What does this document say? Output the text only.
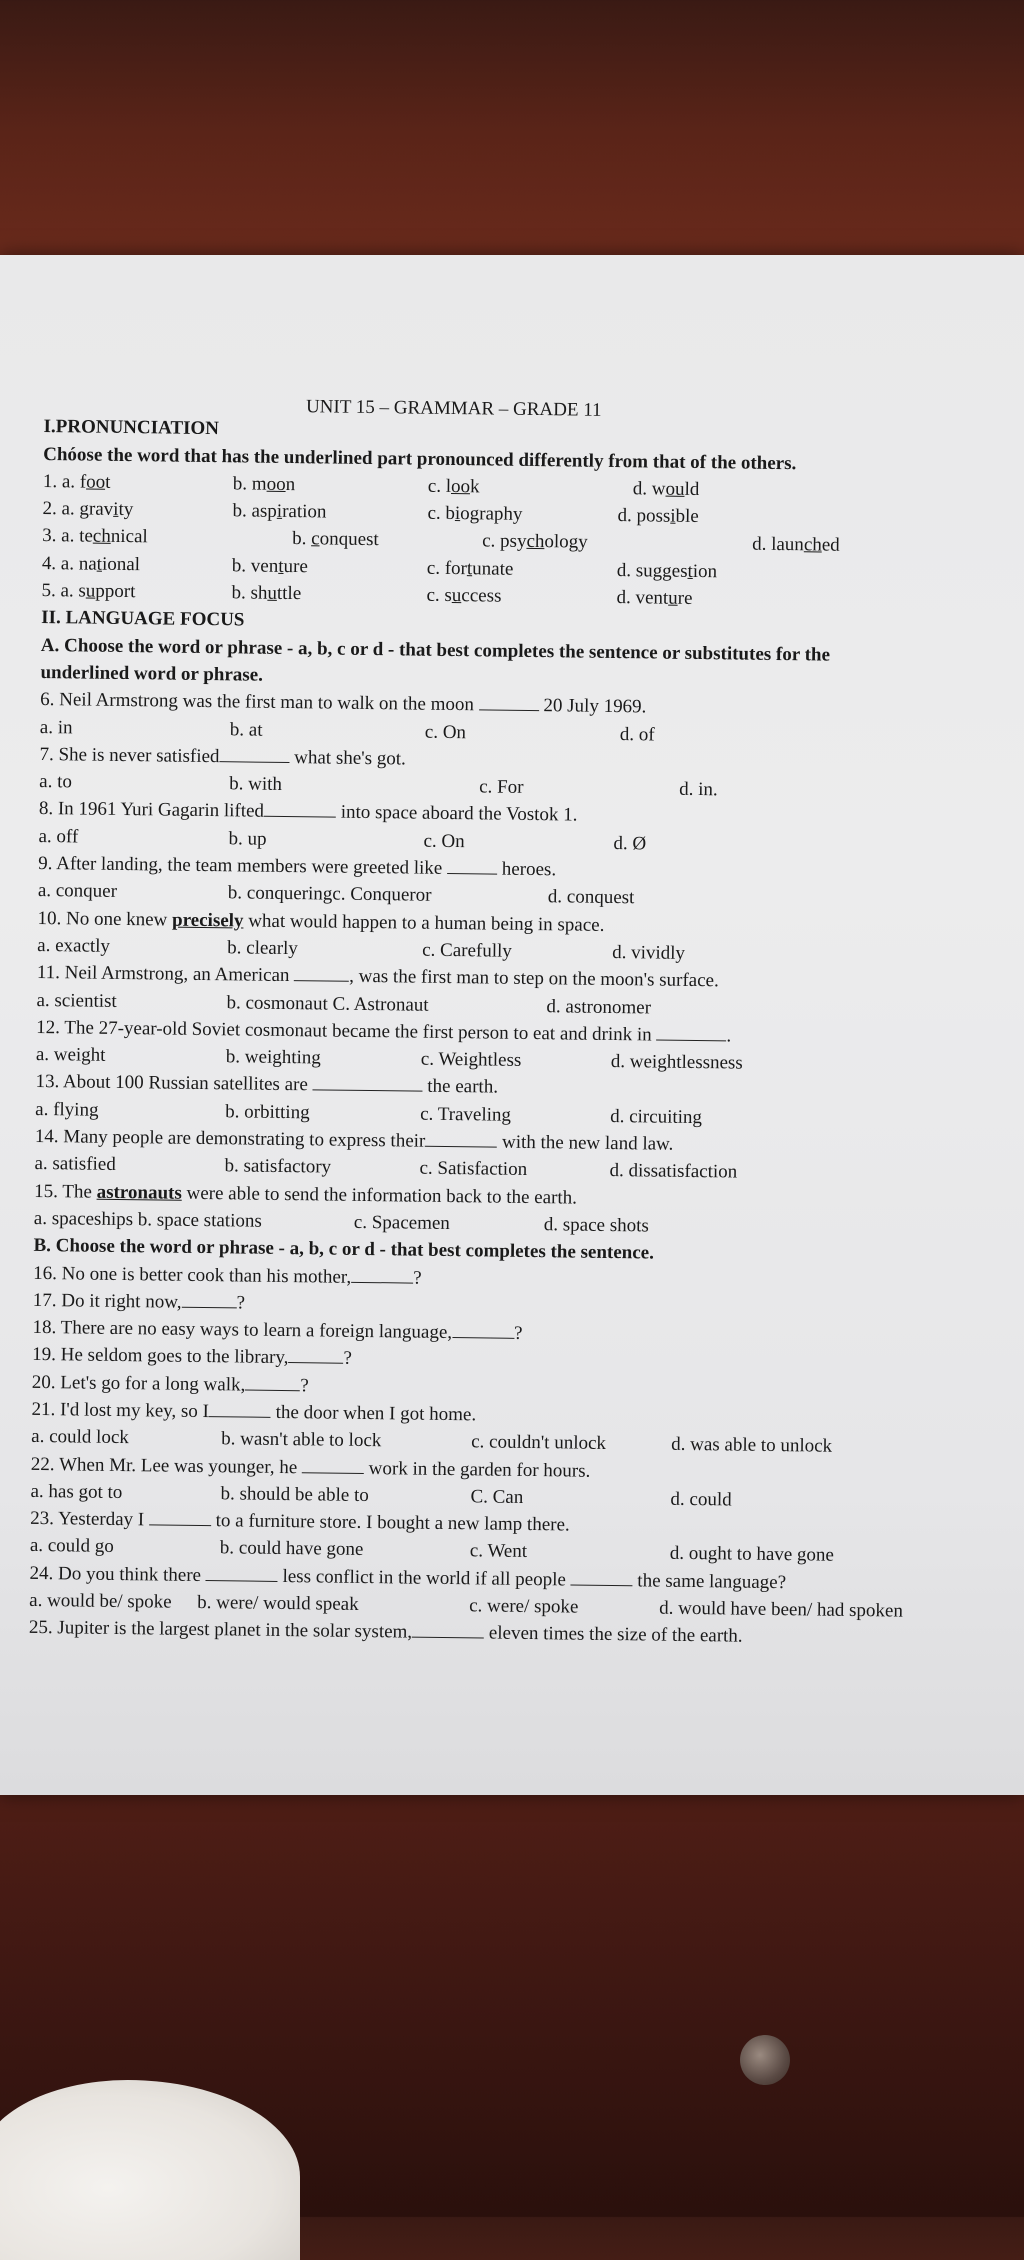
UNIT 15 – GRAMMAR – GRADE 11
I.PRONUNCIATION
Chóose the word that has the underlined part pronounced differently from that of the others.
1. a. foot	b. moon	c. look	d. would
2. a. gravity	b. aspiration	c. biography	d. possible
3. a. technical	b. conquest	c. psychology	d. launched
4. a. national	b. venture	c. fortunate	d. suggestion
5. a. support	b. shuttle	c. success	d. venture
II. LANGUAGE FOCUS
A. Choose the word or phrase - a, b, c or d - that best completes the sentence or substitutes for the
underlined word or phrase.
6. Neil Armstrong was the first man to walk on the moon	20 July 1969.
a. in	b. at	c. On	d. of
7. She is never satisfied	what she's got.
a. to	b. with	c. For	d. in.
8. In 1961 Yuri Gagarin lifted	into space aboard the Vostok 1.
a. off	b. up	c. On	d. Ø
9. After landing, the team members were greeted like	heroes.
a. conquer	b. conqueringc. Conqueror	d. conquest
10. No one knew precisely what would happen to a human being in space.
a. exactly	b. clearly	c. Carefully	d. vividly
11. Neil Armstrong, an American	, was the first man to step on the moon's surface.
a. scientist	b. cosmonaut C. Astronaut	d. astronomer
12. The 27-year-old Soviet cosmonaut became the first person to eat and drink in	.
a. weight	b. weighting	c. Weightless	d. weightlessness
13. About 100 Russian satellites are	the earth.
a. flying	b. orbitting	c. Traveling	d. circuiting
14. Many people are demonstrating to express their	with the new land law.
a. satisfied	b. satisfactory	c. Satisfaction	d. dissatisfaction
15. The astronauts were able to send the information back to the earth.
a. spaceships b. space stations	c. Spacemen	d. space shots
B. Choose the word or phrase - a, b, c or d - that best completes the sentence.
16. No one is better cook than his mother,	?
17. Do it right now,	?
18. There are no easy ways to learn a foreign language,	?
19. He seldom goes to the library,	?
20. Let's go for a long walk,	?
21. I'd lost my key, so I	the door when I got home.
a. could lock	b. wasn't able to lock	c. couldn't unlock	d. was able to unlock
22. When Mr. Lee was younger, he	work in the garden for hours.
a. has got to	b. should be able to	C. Can	d. could
23. Yesterday I	to a furniture store. I bought a new lamp there.
a. could go	b. could have gone	c. Went	d. ought to have gone
24. Do you think there	less conflict in the world if all people	the same language?
a. would be/ spoke b. were/ would speak	c. were/ spoke	d. would have been/ had spoken
25. Jupiter is the largest planet in the solar system,	eleven times the size of the earth.
